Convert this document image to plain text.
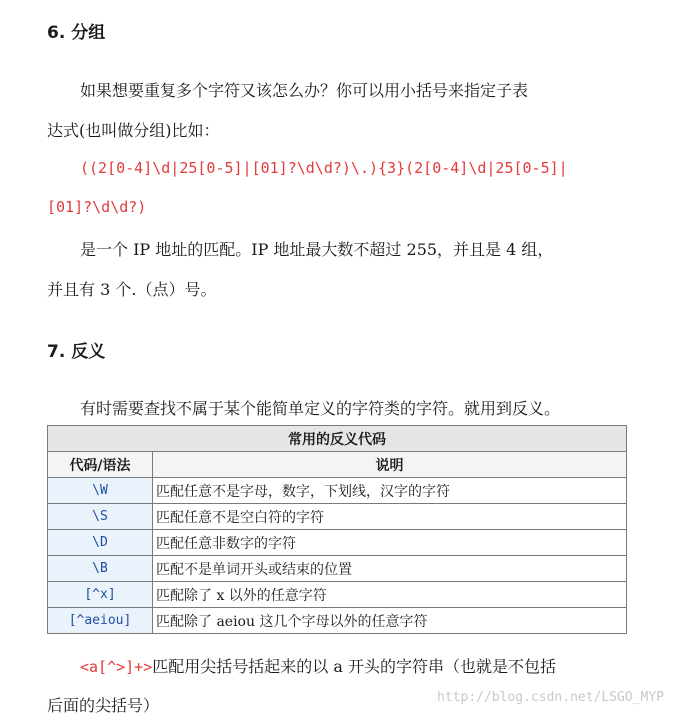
6. 分组
如果想要重复多个字符又该怎么办？你可以用小括号来指定子表
达式(也叫做分组)比如：
((2[0-4]\d|25[0-5]|[01]?\d\d?)\.){3}(2[0-4]\d|25[0-5]|
[01]?\d\d?)
是一个 IP 地址的匹配。IP 地址最大数不超过 255，并且是 4 组，
并且有 3 个.（点）号。
7. 反义
有时需要查找不属于某个能简单定义的字符类的字符。就用到反义。
常用的反义代码	
代码/语法	说明
\W	匹配任意不是字母，数字，下划线，汉字的字符
\S	匹配任意不是空白符的字符
\D	匹配任意非数字的字符
\B	匹配不是单词开头或结束的位置
[^x]	匹配除了 x 以外的任意字符
[^aeiou]	匹配除了 aeiou 这几个字母以外的任意字符
<a[^>]+>匹配用尖括号括起来的以 a 开头的字符串（也就是不包括
后面的尖括号）	http://blog.csdn.net/LSGO_MYP
